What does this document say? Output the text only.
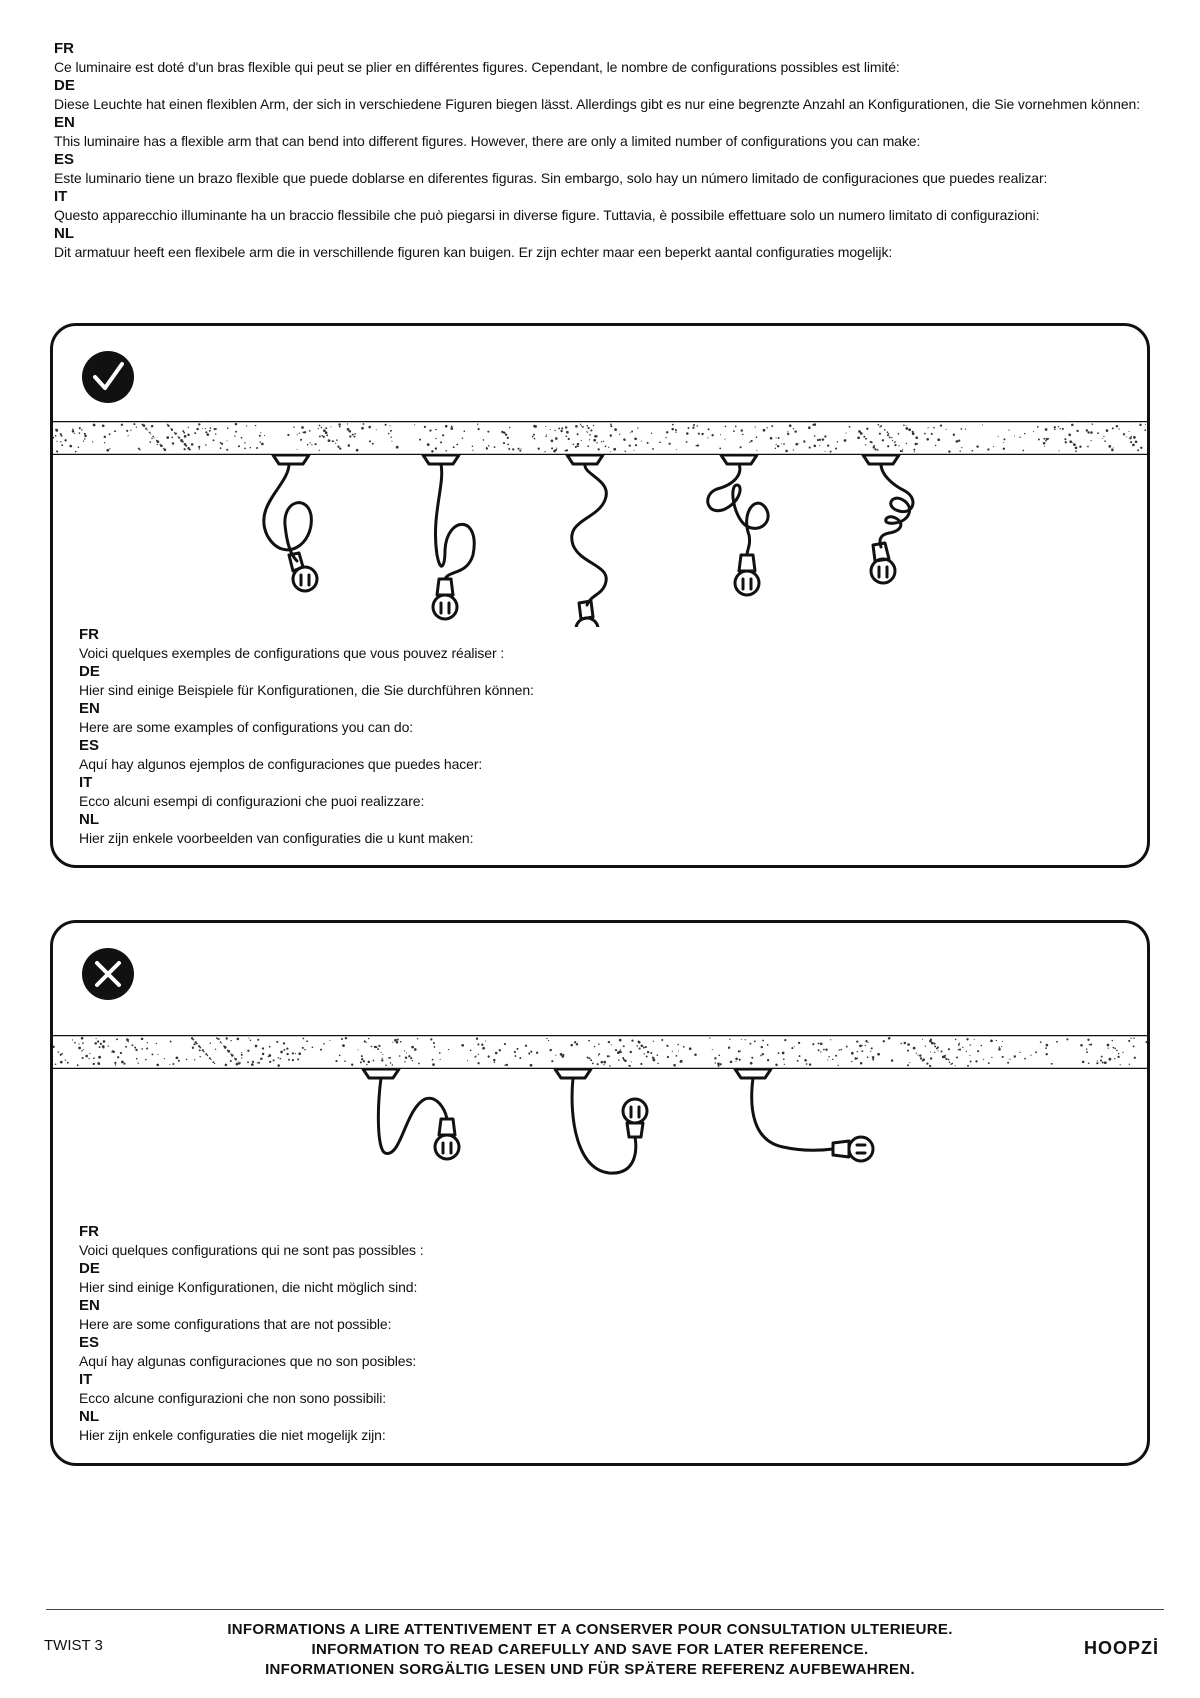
FR
Ce luminaire est doté d'un bras flexible qui peut se plier en différentes figures. Cependant, le nombre de configurations possibles est limité:
DE
Diese Leuchte hat einen flexiblen Arm, der sich in verschiedene Figuren biegen lässt. Allerdings gibt es nur eine begrenzte Anzahl an Konfigurationen, die Sie vornehmen können:
EN
This luminaire has a flexible arm that can bend into different figures. However, there are only a limited number of configurations you can make:
ES
Este luminario tiene un brazo flexible que puede doblarse en diferentes figuras. Sin embargo, solo hay un número limitado de configuraciones que puedes realizar:
IT
Questo apparecchio illuminante ha un braccio flessibile che può piegarsi in diverse figure. Tuttavia, è possibile effettuare solo un numero limitato di configurazioni:
NL
Dit armatuur heeft een flexibele arm die in verschillende figuren kan buigen. Er zijn echter maar een beperkt aantal configuraties mogelijk:
FR
Voici quelques exemples de configurations que vous pouvez réaliser :
DE
Hier sind einige Beispiele für Konfigurationen, die Sie durchführen können:
EN
Here are some examples of configurations you can do:
ES
Aquí hay algunos ejemplos de configuraciones que puedes hacer:
IT
Ecco alcuni esempi di configurazioni che puoi realizzare:
NL
Hier zijn enkele voorbeelden van configuraties die u kunt maken:
FR
Voici quelques configurations qui ne sont pas possibles :
DE
Hier sind einige Konfigurationen, die nicht möglich sind:
EN
Here are some configurations that are not possible:
ES
Aquí hay algunas configuraciones que no son posibles:
IT
Ecco alcune configurazioni che non sono possibili:
NL
Hier zijn enkele configuraties die niet mogelijk zijn:
TWIST 3
INFORMATIONS A LIRE ATTENTIVEMENT ET A CONSERVER POUR CONSULTATION ULTERIEURE.
INFORMATION TO READ CAREFULLY AND SAVE FOR LATER REFERENCE.
INFORMATIONEN SORGÄLTIG LESEN UND FÜR SPÄTERE REFERENZ AUFBEWAHREN.
HOOPZİ
